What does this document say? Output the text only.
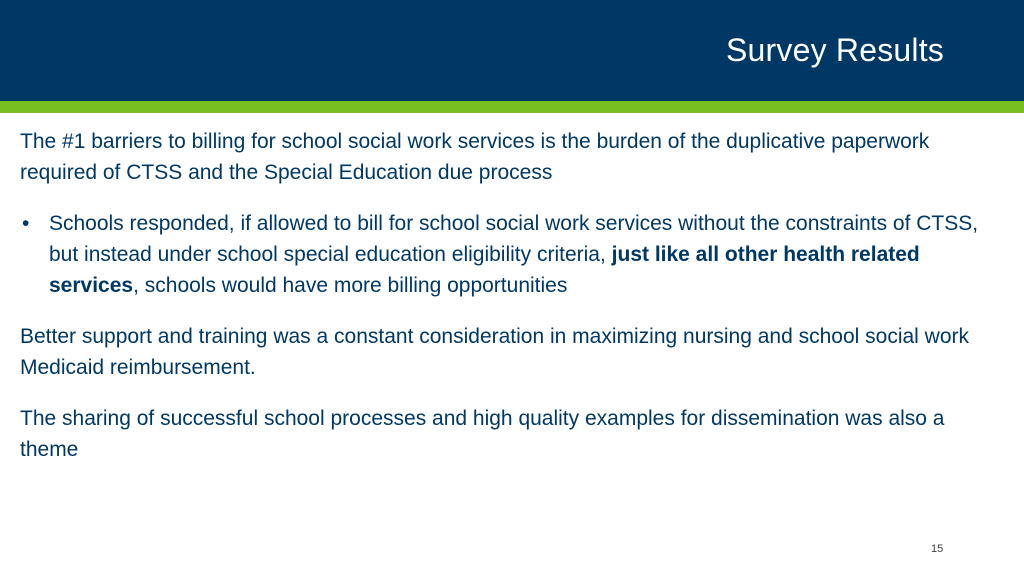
Survey Results

The #1 barriers to billing for school social work services is the burden of the duplicative paperwork required of CTSS and the Special Education due process

• Schools responded, if allowed to bill for school social work services without the constraints of CTSS, but instead under school special education eligibility criteria, just like all other health related services, schools would have more billing opportunities

Better support and training was a constant consideration in maximizing nursing and school social work Medicaid reimbursement.

The sharing of successful school processes and high quality examples for dissemination was also a theme

15
